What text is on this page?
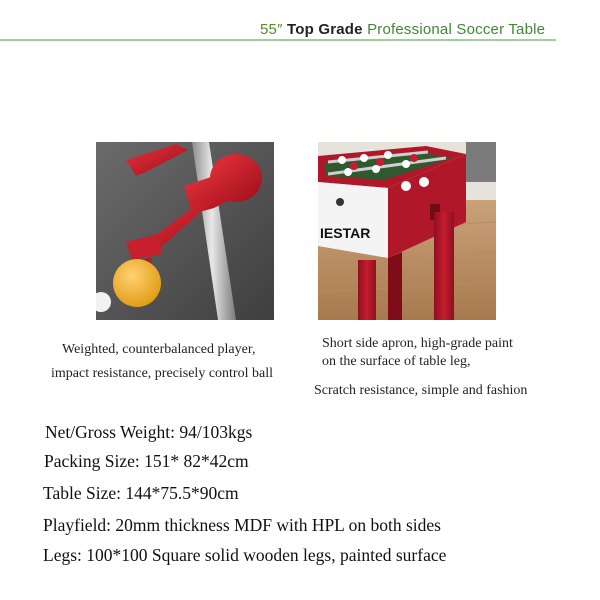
55″ Top Grade Professional Soccer Table
IESTAR
Weighted, counterbalanced player,
impact resistance, precisely control ball
Short side apron, high-grade paint
on the surface of table leg,
Scratch resistance, simple and fashion
Net/Gross Weight: 94/103kgs
Packing Size: 151* 82*42cm
Table Size: 144*75.5*90cm
Playfield: 20mm thickness MDF with HPL on both sides
Legs: 100*100 Square solid wooden legs, painted surface
